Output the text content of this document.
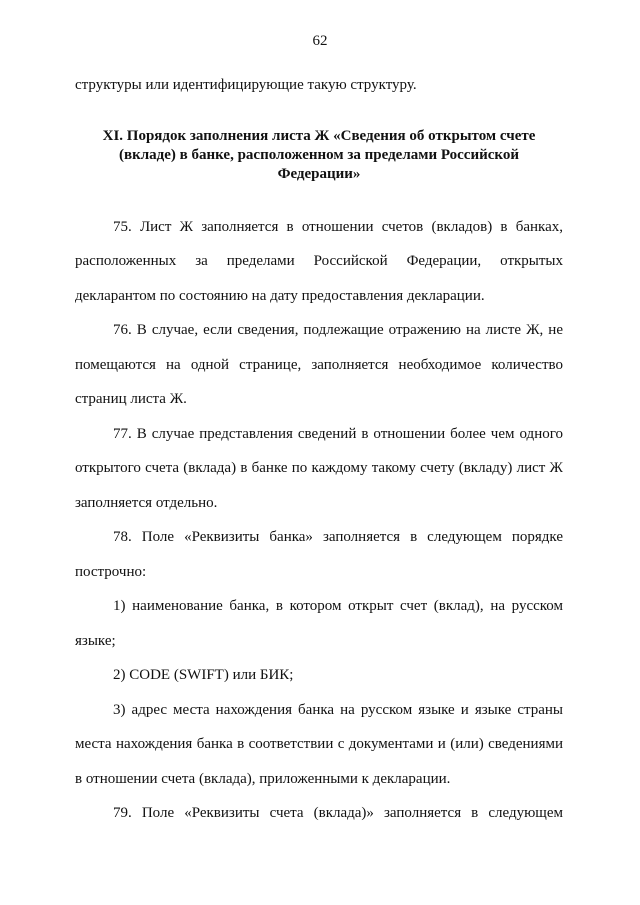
62

структуры или идентифицирующие такую структуру.

XI. Порядок заполнения листа Ж «Сведения об открытом счете
(вкладе) в банке, расположенном за пределами Российской
Федерации»

75. Лист Ж заполняется в отношении счетов (вкладов) в банках, расположенных за пределами Российской Федерации, открытых декларантом по состоянию на дату предоставления декларации.

76. В случае, если сведения, подлежащие отражению на листе Ж, не помещаются на одной странице, заполняется необходимое количество страниц листа Ж.

77. В случае представления сведений в отношении более чем одного открытого счета (вклада) в банке по каждому такому счету (вкладу) лист Ж заполняется отдельно.

78. Поле «Реквизиты банка» заполняется в следующем порядке построчно:

1) наименование банка, в котором открыт счет (вклад), на русском языке;

2) CODE (SWIFT) или БИК;

3) адрес места нахождения банка на русском языке и языке страны места нахождения банка в соответствии с документами и (или) сведениями в отношении счета (вклада), приложенными к декларации.

79. Поле «Реквизиты счета (вклада)» заполняется в следующем
